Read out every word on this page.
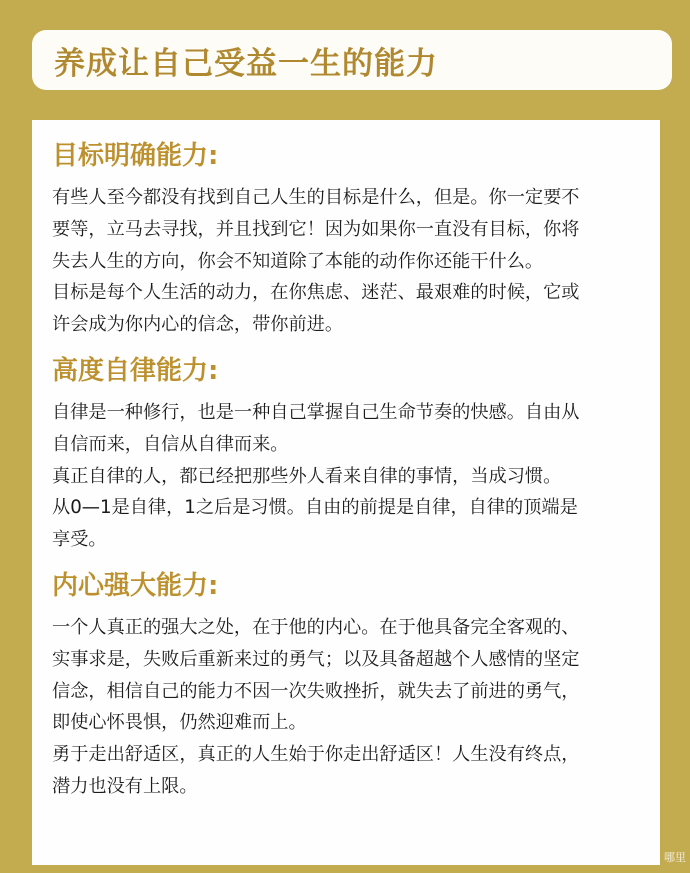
养成让自己受益一生的能力
目标明确能力:

有些人至今都没有找到自己人生的目标是什么，但是。你一定要不

要等，立马去寻找，并且找到它！因为如果你一直没有目标，你将

失去人生的方向，你会不知道除了本能的动作你还能干什么。

目标是每个人生活的动力，在你焦虑、迷茫、最艰难的时候，它或

许会成为你内心的信念，带你前进。

高度自律能力:

自律是一种修行，也是一种自己掌握自己生命节奏的快感。自由从

自信而来，自信从自律而来。

真正自律的人，都已经把那些外人看来自律的事情，当成习惯。

从0—1是自律，1之后是习惯。自由的前提是自律，自律的顶端是

享受。

内心强大能力:

一个人真正的强大之处，在于他的内心。在于他具备完全客观的、

实事求是，失败后重新来过的勇气；以及具备超越个人感情的坚定

信念，相信自己的能力不因一次失败挫折，就失去了前进的勇气，

即使心怀畏惧，仍然迎难而上。

勇于走出舒适区，真正的人生始于你走出舒适区！人生没有终点，

潜力也没有上限。

哪里
